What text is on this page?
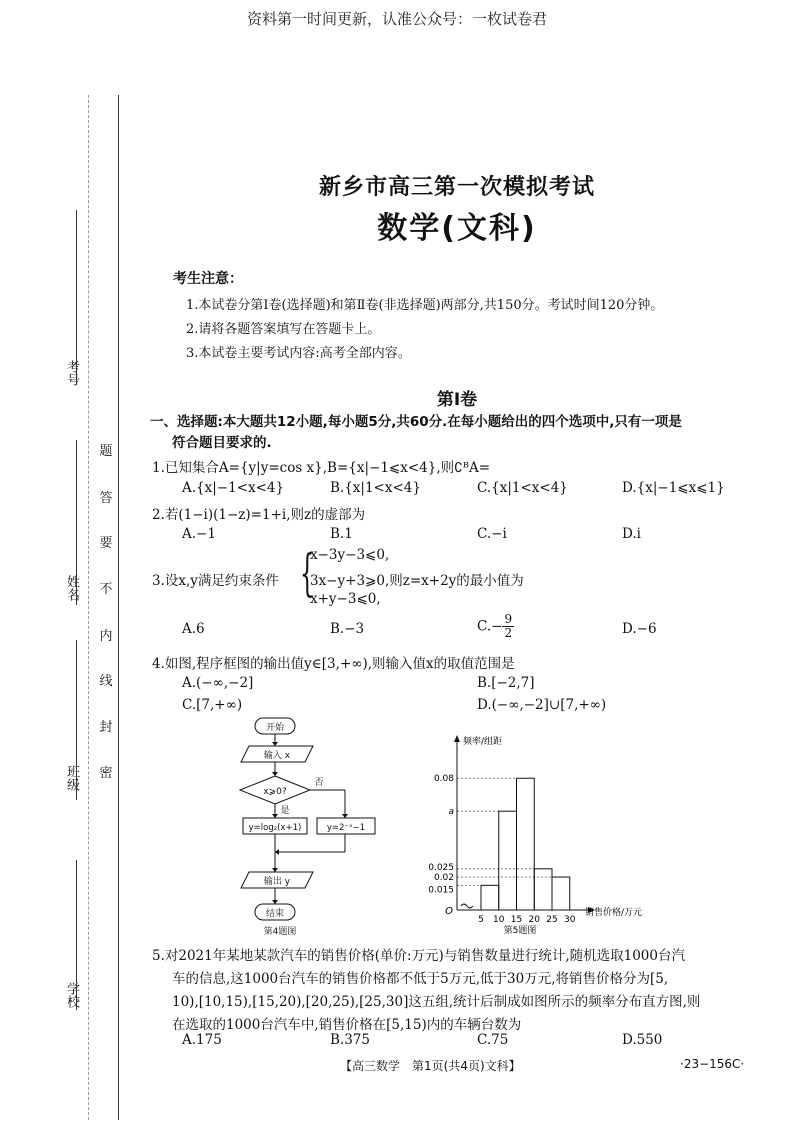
资料第一时间更新，认准公众号：一枚试卷君
考号
姓名
班级
学校
题
答
要
不
内
线
封
密
新乡市高三第一次模拟考试
数学(文科)
考生注意：
1.本试卷分第Ⅰ卷(选择题)和第Ⅱ卷(非选择题)两部分,共150分。考试时间120分钟。
2.请将各题答案填写在答题卡上。
3.本试卷主要考试内容:高考全部内容。
第Ⅰ卷
一、选择题:本大题共12小题,每小题5分,共60分.在每小题给出的四个选项中,只有一项是
符合题目要求的.
1.已知集合A={y|y=cos x},B={x|−1⩽x<4},则∁ᴮA=
A.{x|−1<x<4}	B.{x|1<x<4}	C.{x|1<x<4}	D.{x|−1⩽x⩽1}
2.若(1−i)(1−z)=1+i,则z的虚部为
A.−1	B.1	C.−i	D.i
3.设x,y满足约束条件 {
x−3y−3⩽0,
3x−y+3⩾0,则z=x+2y的最小值为
x+y−3⩽0,
A.6	B.−3	$C.- \frac{9}{2}$	D.−6
4.如图,程序框图的输出值y∈[3,+∞),则输入值x的取值范围是
A.(−∞,−2]	B.[−2,7]
C.[7,+∞)	D.(−∞,−2]∪[7,+∞)
开始
输入 x
x⩾0?
否
是
y=log₂(x+1)	y=2⁻ˣ−1
输出 y
结束
第4题图
频率/组距
销售价格/万元
O
0.08
a
0.025
0.02
0.015
5 10 15 20 25 30
第5题图
5.对2021年某地某款汽车的销售价格(单价:万元)与销售数量进行统计,随机选取1000台汽
车的信息,这1000台汽车的销售价格都不低于5万元,低于30万元,将销售价格分为[5,
10),[10,15),[15,20),[20,25),[25,30]这五组,统计后制成如图所示的频率分布直方图,则
在选取的1000台汽车中,销售价格在[5,15)内的车辆台数为
A.175	B.375	C.75	D.550
【高三数学　第1页(共4页)文科】	·23−156C·
